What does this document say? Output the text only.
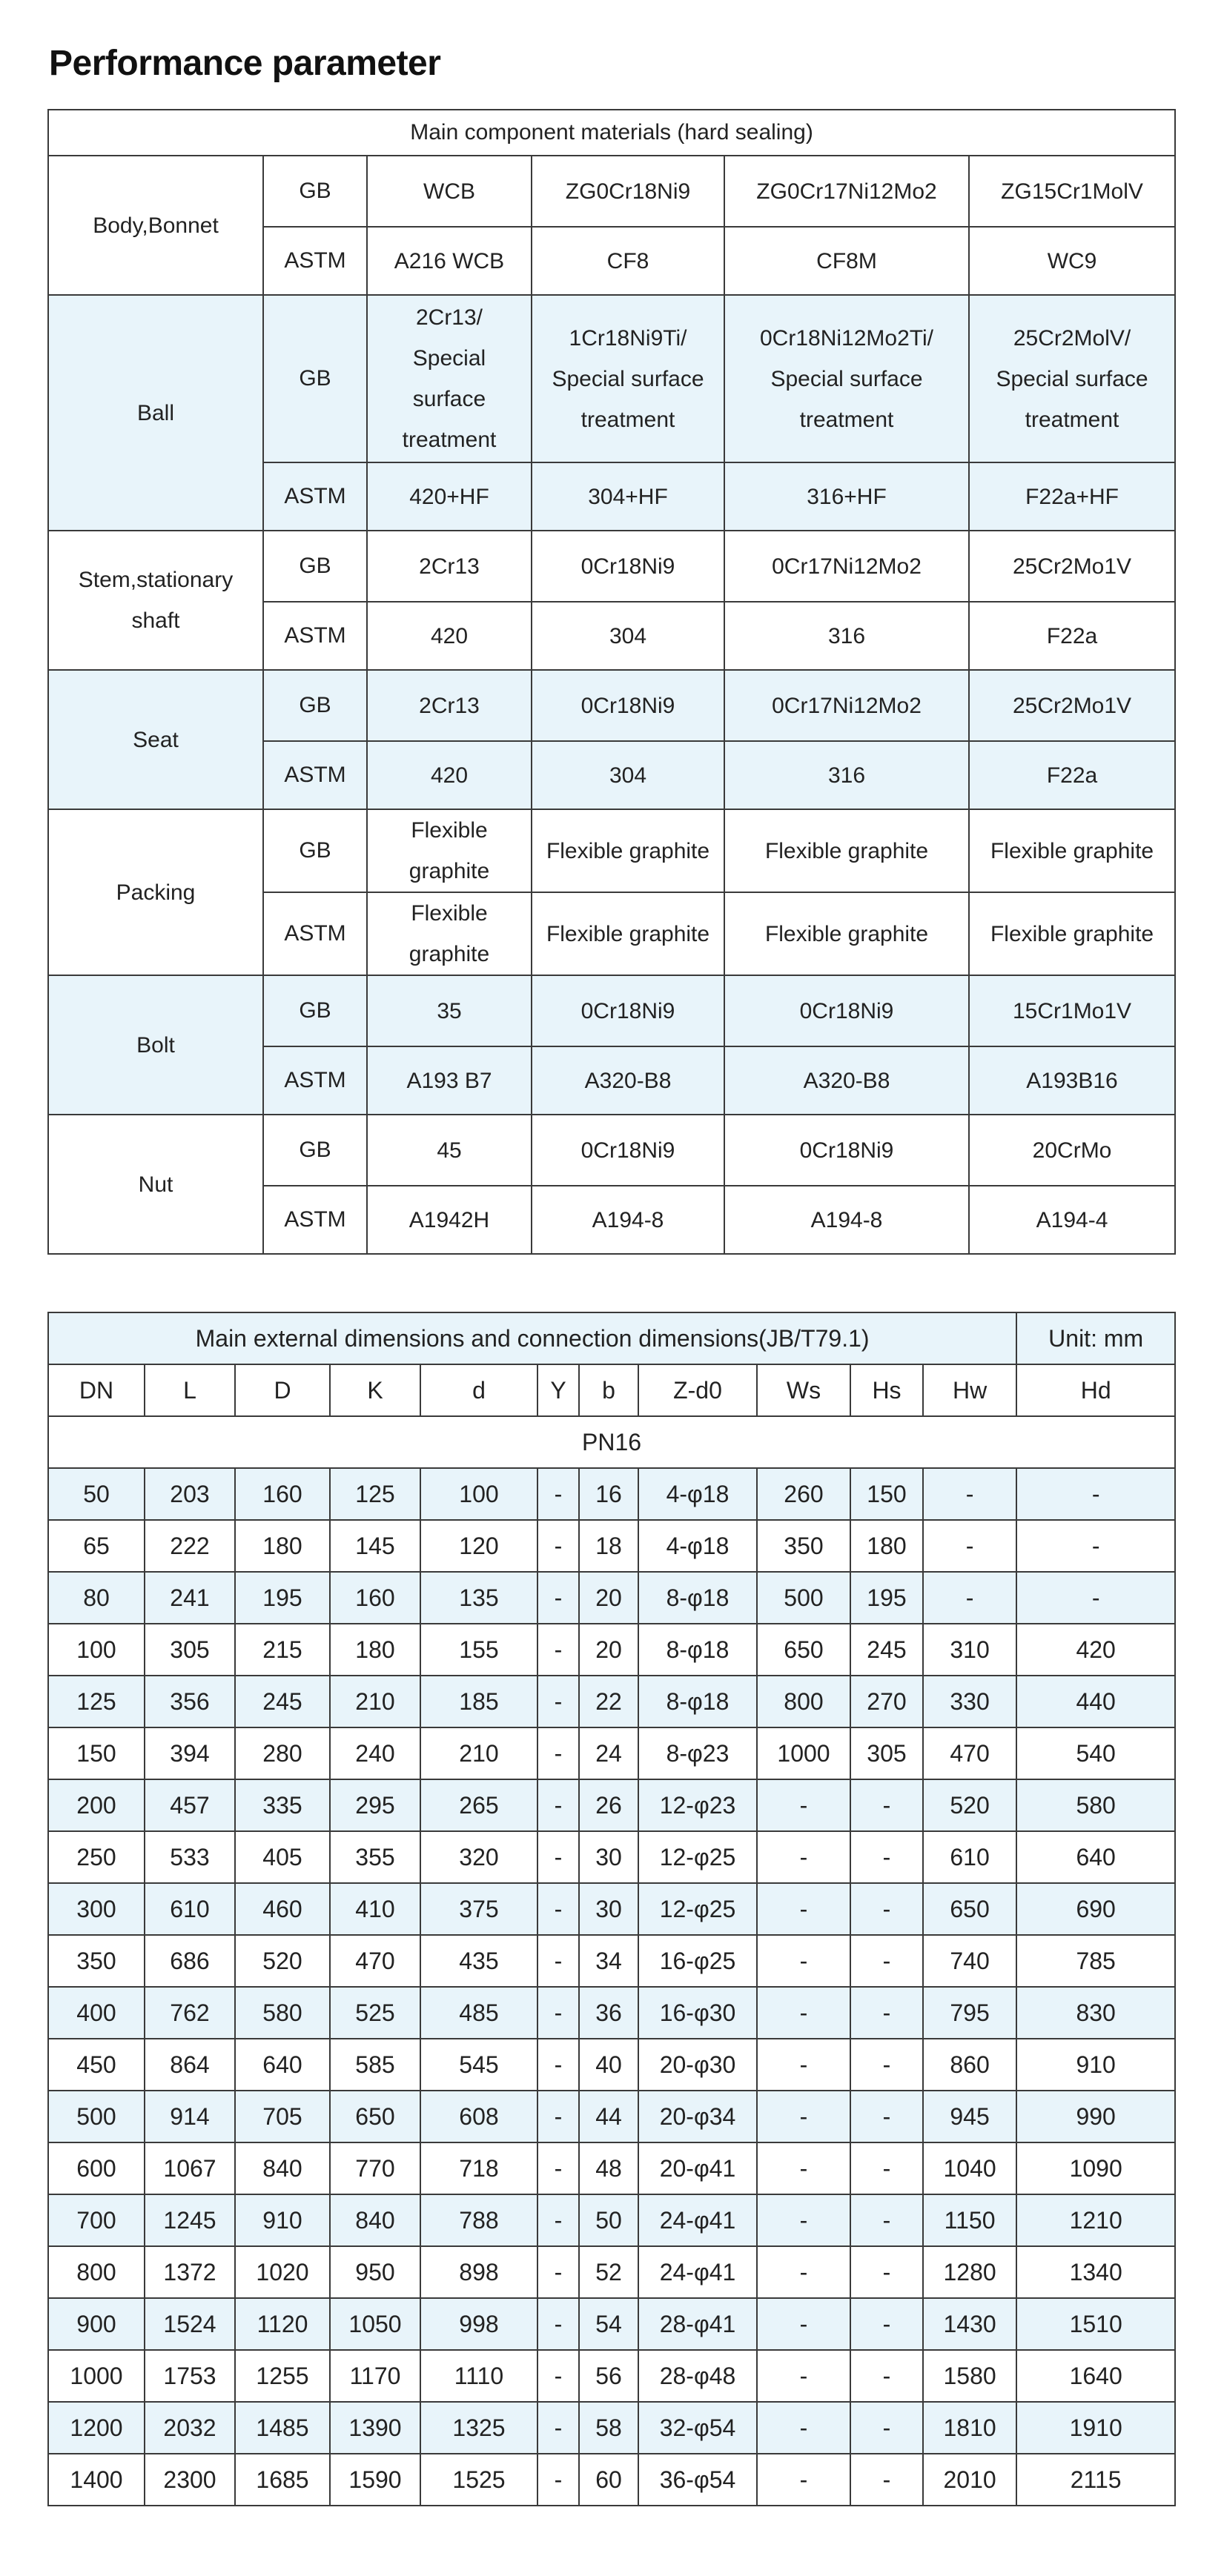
Performance parameter
Main component materials (hard sealing)					
Body,Bonnet	GB	WCB	ZG0Cr18Ni9	ZG0Cr17Ni12Mo2	ZG15Cr1MolV
	ASTM	A216 WCB	CF8	CF8M	WC9
Ball	GB	2Cr13/ Special surface treatment	1Cr18Ni9Ti/ Special surface treatment	0Cr18Ni12Mo2Ti/ Special surface treatment	25Cr2MolV/ Special surface treatment
	ASTM	420+HF	304+HF	316+HF	F22a+HF
Stem,stationary shaft	GB	2Cr13	0Cr18Ni9	0Cr17Ni12Mo2	25Cr2Mo1V
	ASTM	420	304	316	F22a
Seat	GB	2Cr13	0Cr18Ni9	0Cr17Ni12Mo2	25Cr2Mo1V
	ASTM	420	304	316	F22a
Packing	GB	Flexible graphite	Flexible graphite	Flexible graphite	Flexible graphite
	ASTM	Flexible graphite	Flexible graphite	Flexible graphite	Flexible graphite
Bolt	GB	35	0Cr18Ni9	0Cr18Ni9	15Cr1Mo1V
	ASTM	A193 B7	A320-B8	A320-B8	A193B16
Nut	GB	45	0Cr18Ni9	0Cr18Ni9	20CrMo
	ASTM	A1942H	A194-8	A194-8	A194-4
Main external dimensions and connection dimensions(JB/T79.1)											Unit: mm
DN	L	D	K	d	Y	b	Z-d0	Ws	Hs	Hw	Hd
PN16											
50	203	160	125	100	-	16	4-φ18	260	150	-	-
65	222	180	145	120	-	18	4-φ18	350	180	-	-
80	241	195	160	135	-	20	8-φ18	500	195	-	-
100	305	215	180	155	-	20	8-φ18	650	245	310	420
125	356	245	210	185	-	22	8-φ18	800	270	330	440
150	394	280	240	210	-	24	8-φ23	1000	305	470	540
200	457	335	295	265	-	26	12-φ23	-	-	520	580
250	533	405	355	320	-	30	12-φ25	-	-	610	640
300	610	460	410	375	-	30	12-φ25	-	-	650	690
350	686	520	470	435	-	34	16-φ25	-	-	740	785
400	762	580	525	485	-	36	16-φ30	-	-	795	830
450	864	640	585	545	-	40	20-φ30	-	-	860	910
500	914	705	650	608	-	44	20-φ34	-	-	945	990
600	1067	840	770	718	-	48	20-φ41	-	-	1040	1090
700	1245	910	840	788	-	50	24-φ41	-	-	1150	1210
800	1372	1020	950	898	-	52	24-φ41	-	-	1280	1340
900	1524	1120	1050	998	-	54	28-φ41	-	-	1430	1510
1000	1753	1255	1170	1110	-	56	28-φ48	-	-	1580	1640
1200	2032	1485	1390	1325	-	58	32-φ54	-	-	1810	1910
1400	2300	1685	1590	1525	-	60	36-φ54	-	-	2010	2115
